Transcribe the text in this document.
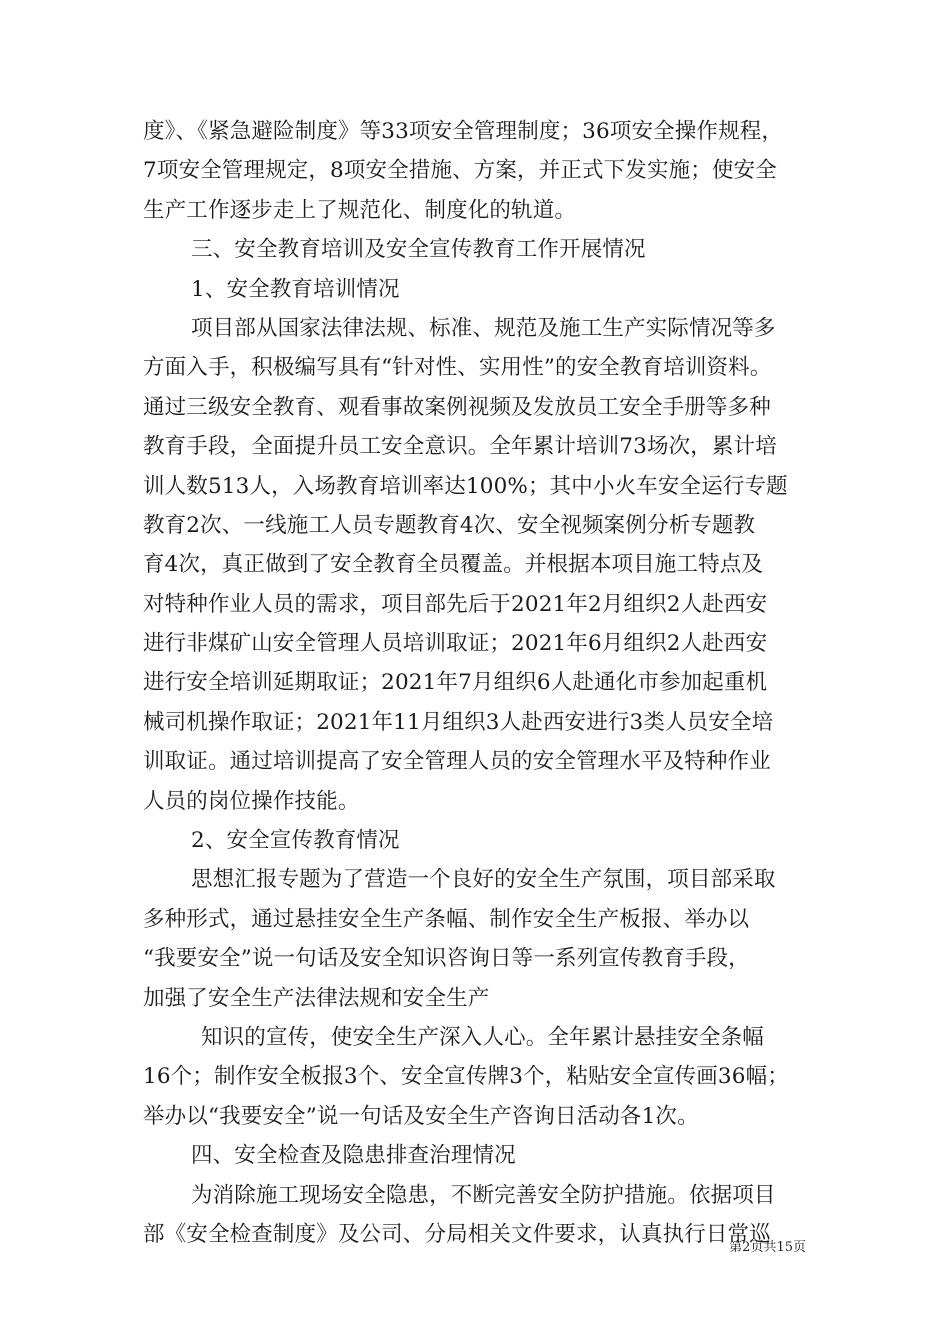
度》、《紧急避险制度》等33项安全管理制度；36项安全操作规程，
7项安全管理规定，8项安全措施、方案，并正式下发实施；使安全
生产工作逐步走上了规范化、制度化的轨道。
三、安全教育培训及安全宣传教育工作开展情况
1、安全教育培训情况
项目部从国家法律法规、标准、规范及施工生产实际情况等多
方面入手，积极编写具有“针对性、实用性”的安全教育培训资料。
通过三级安全教育、观看事故案例视频及发放员工安全手册等多种
教育手段，全面提升员工安全意识。全年累计培训73场次，累计培
训人数513人，入场教育培训率达100%；其中小火车安全运行专题
教育2次、一线施工人员专题教育4次、安全视频案例分析专题教
育4次，真正做到了安全教育全员覆盖。并根据本项目施工特点及
对特种作业人员的需求，项目部先后于2021年2月组织2人赴西安
进行非煤矿山安全管理人员培训取证；2021年6月组织2人赴西安
进行安全培训延期取证；2021年7月组织6人赴通化市参加起重机
械司机操作取证；2021年11月组织3人赴西安进行3类人员安全培
训取证。通过培训提高了安全管理人员的安全管理水平及特种作业
人员的岗位操作技能。
2、安全宣传教育情况
思想汇报专题为了营造一个良好的安全生产氛围，项目部采取
多种形式，通过悬挂安全生产条幅、制作安全生产板报、举办以
“我要安全”说一句话及安全知识咨询日等一系列宣传教育手段，
加强了安全生产法律法规和安全生产
知识的宣传，使安全生产深入人心。全年累计悬挂安全条幅
16个；制作安全板报3个、安全宣传牌3个，粘贴安全宣传画36幅；
举办以“我要安全”说一句话及安全生产咨询日活动各1次。
四、安全检查及隐患排查治理情况
为消除施工现场安全隐患，不断完善安全防护措施。依据项目
部《安全检查制度》及公司、分局相关文件要求，认真执行日常巡
第2页共15页
